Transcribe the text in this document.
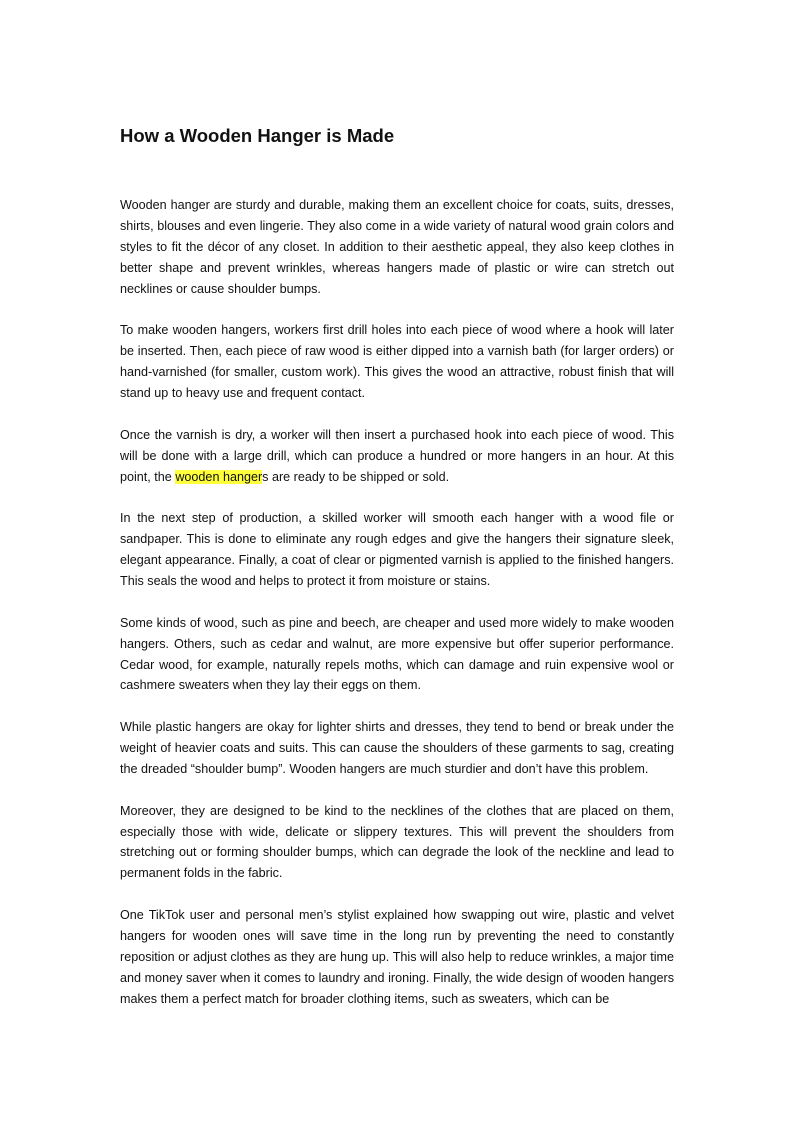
How a Wooden Hanger is Made

Wooden hanger are sturdy and durable, making them an excellent choice for coats, suits, dresses, shirts, blouses and even lingerie. They also come in a wide variety of natural wood grain colors and styles to fit the décor of any closet. In addition to their aesthetic appeal, they also keep clothes in better shape and prevent wrinkles, whereas hangers made of plastic or wire can stretch out necklines or cause shoulder bumps.

To make wooden hangers, workers first drill holes into each piece of wood where a hook will later be inserted. Then, each piece of raw wood is either dipped into a varnish bath (for larger orders) or hand-varnished (for smaller, custom work). This gives the wood an attractive, robust finish that will stand up to heavy use and frequent contact.

Once the varnish is dry, a worker will then insert a purchased hook into each piece of wood. This will be done with a large drill, which can produce a hundred or more hangers in an hour. At this point, the wooden hangers are ready to be shipped or sold.

In the next step of production, a skilled worker will smooth each hanger with a wood file or sandpaper. This is done to eliminate any rough edges and give the hangers their signature sleek, elegant appearance. Finally, a coat of clear or pigmented varnish is applied to the finished hangers. This seals the wood and helps to protect it from moisture or stains.

Some kinds of wood, such as pine and beech, are cheaper and used more widely to make wooden hangers. Others, such as cedar and walnut, are more expensive but offer superior performance. Cedar wood, for example, naturally repels moths, which can damage and ruin expensive wool or cashmere sweaters when they lay their eggs on them.

While plastic hangers are okay for lighter shirts and dresses, they tend to bend or break under the weight of heavier coats and suits. This can cause the shoulders of these garments to sag, creating the dreaded “shoulder bump”. Wooden hangers are much sturdier and don’t have this problem.

Moreover, they are designed to be kind to the necklines of the clothes that are placed on them, especially those with wide, delicate or slippery textures. This will prevent the shoulders from stretching out or forming shoulder bumps, which can degrade the look of the neckline and lead to permanent folds in the fabric.

One TikTok user and personal men’s stylist explained how swapping out wire, plastic and velvet hangers for wooden ones will save time in the long run by preventing the need to constantly reposition or adjust clothes as they are hung up. This will also help to reduce wrinkles, a major time and money saver when it comes to laundry and ironing. Finally, the wide design of wooden hangers makes them a perfect match for broader clothing items, such as sweaters, which can be
